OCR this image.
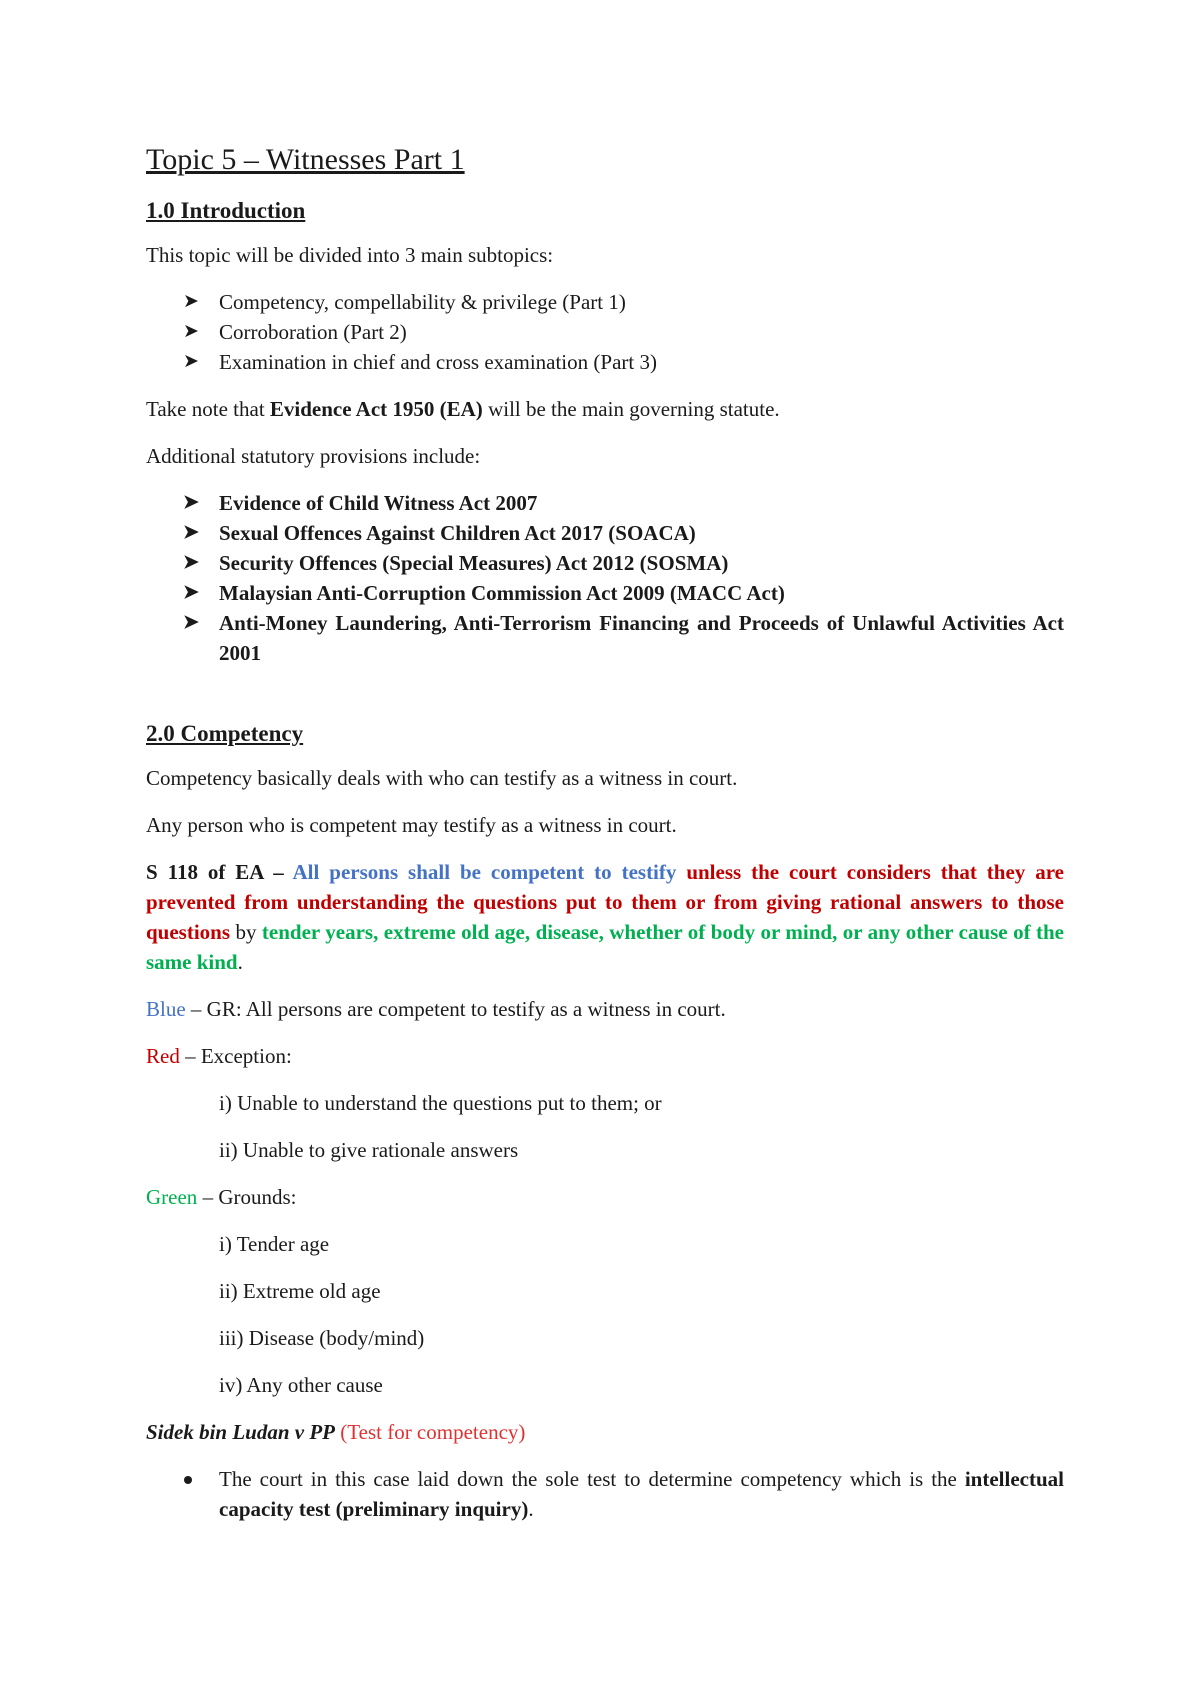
Topic 5 – Witnesses Part 1
1.0 Introduction

This topic will be divided into 3 main subtopics:

➤ Competency, compellability & privilege (Part 1)
➤ Corroboration (Part 2)
➤ Examination in chief and cross examination (Part 3)

Take note that Evidence Act 1950 (EA) will be the main governing statute.

Additional statutory provisions include:

➤ Evidence of Child Witness Act 2007
➤ Sexual Offences Against Children Act 2017 (SOACA)
➤ Security Offences (Special Measures) Act 2012 (SOSMA)
➤ Malaysian Anti-Corruption Commission Act 2009 (MACC Act)
➤ Anti-Money Laundering, Anti-Terrorism Financing and Proceeds of Unlawful Activities Act 2001
2.0 Competency

Competency basically deals with who can testify as a witness in court.

Any person who is competent may testify as a witness in court.

S 118 of EA – All persons shall be competent to testify unless the court considers that they are prevented from understanding the questions put to them or from giving rational answers to those questions by tender years, extreme old age, disease, whether of body or mind, or any other cause of the same kind.

Blue – GR: All persons are competent to testify as a witness in court.

Red – Exception:

i) Unable to understand the questions put to them; or

ii) Unable to give rationale answers

Green – Grounds:

i) Tender age

ii) Extreme old age

iii) Disease (body/mind)

iv) Any other cause

Sidek bin Ludan v PP (Test for competency)

The court in this case laid down the sole test to determine competency which is the intellectual capacity test (preliminary inquiry).
